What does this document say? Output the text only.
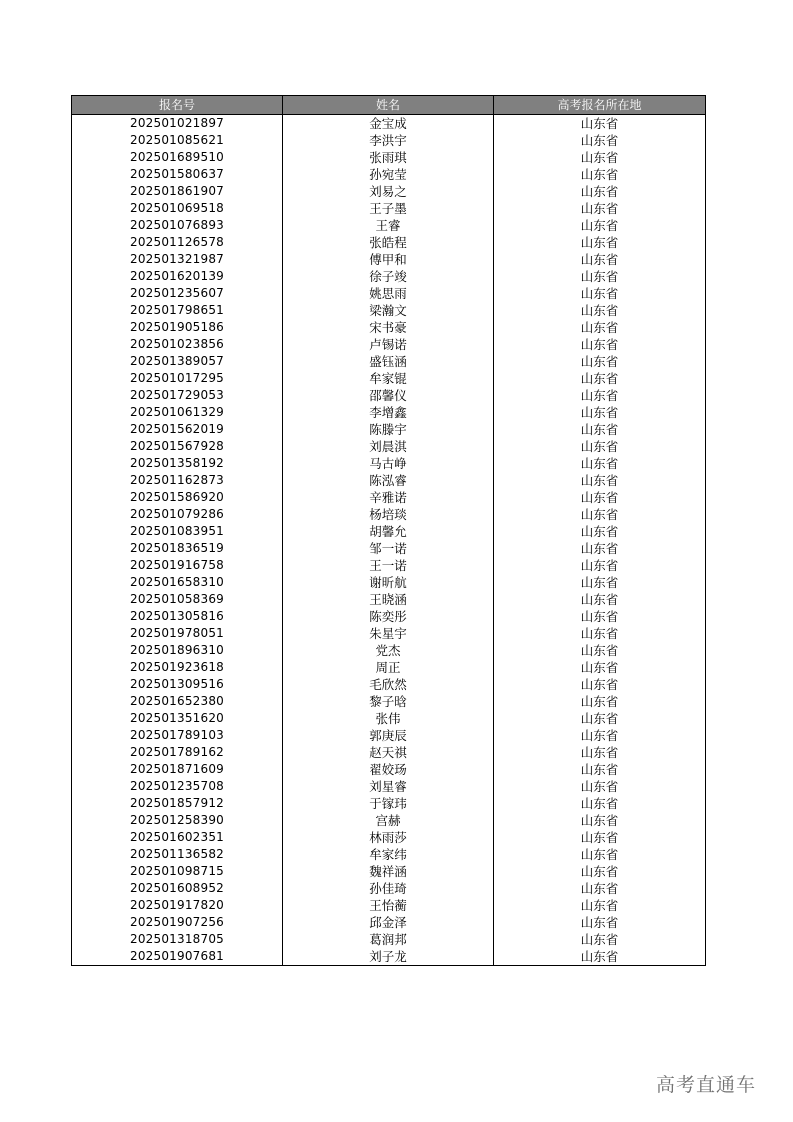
报名号	姓名	高考报名所在地
202501021897	金宝成	山东省
202501085621	李洪宇	山东省
202501689510	张雨琪	山东省
202501580637	孙宛莹	山东省
202501861907	刘易之	山东省
202501069518	王子墨	山东省
202501076893	王睿	山东省
202501126578	张皓程	山东省
202501321987	傅甲和	山东省
202501620139	徐子竣	山东省
202501235607	姚思雨	山东省
202501798651	梁瀚文	山东省
202501905186	宋书豪	山东省
202501023856	卢锡诺	山东省
202501389057	盛钰涵	山东省
202501017295	牟家锟	山东省
202501729053	邵馨仪	山东省
202501061329	李增鑫	山东省
202501562019	陈滕宇	山东省
202501567928	刘晨淇	山东省
202501358192	马古峥	山东省
202501162873	陈泓睿	山东省
202501586920	辛雅诺	山东省
202501079286	杨培琰	山东省
202501083951	胡馨允	山东省
202501836519	邹一诺	山东省
202501916758	王一诺	山东省
202501658310	谢昕航	山东省
202501058369	王晓涵	山东省
202501305816	陈奕彤	山东省
202501978051	朱星宇	山东省
202501896310	党杰	山东省
202501923618	周正	山东省
202501309516	毛欣然	山东省
202501652380	黎子晗	山东省
202501351620	张伟	山东省
202501789103	郭庚辰	山东省
202501789162	赵天祺	山东省
202501871609	翟姣玚	山东省
202501235708	刘星睿	山东省
202501857912	于镓玮	山东省
202501258390	宫赫	山东省
202501602351	林雨莎	山东省
202501136582	牟家纬	山东省
202501098715	魏祥涵	山东省
202501608952	孙佳琦	山东省
202501917820	王怡蘅	山东省
202501907256	邱金泽	山东省
202501318705	葛润邦	山东省
202501907681	刘子龙	山东省
高考直通车
